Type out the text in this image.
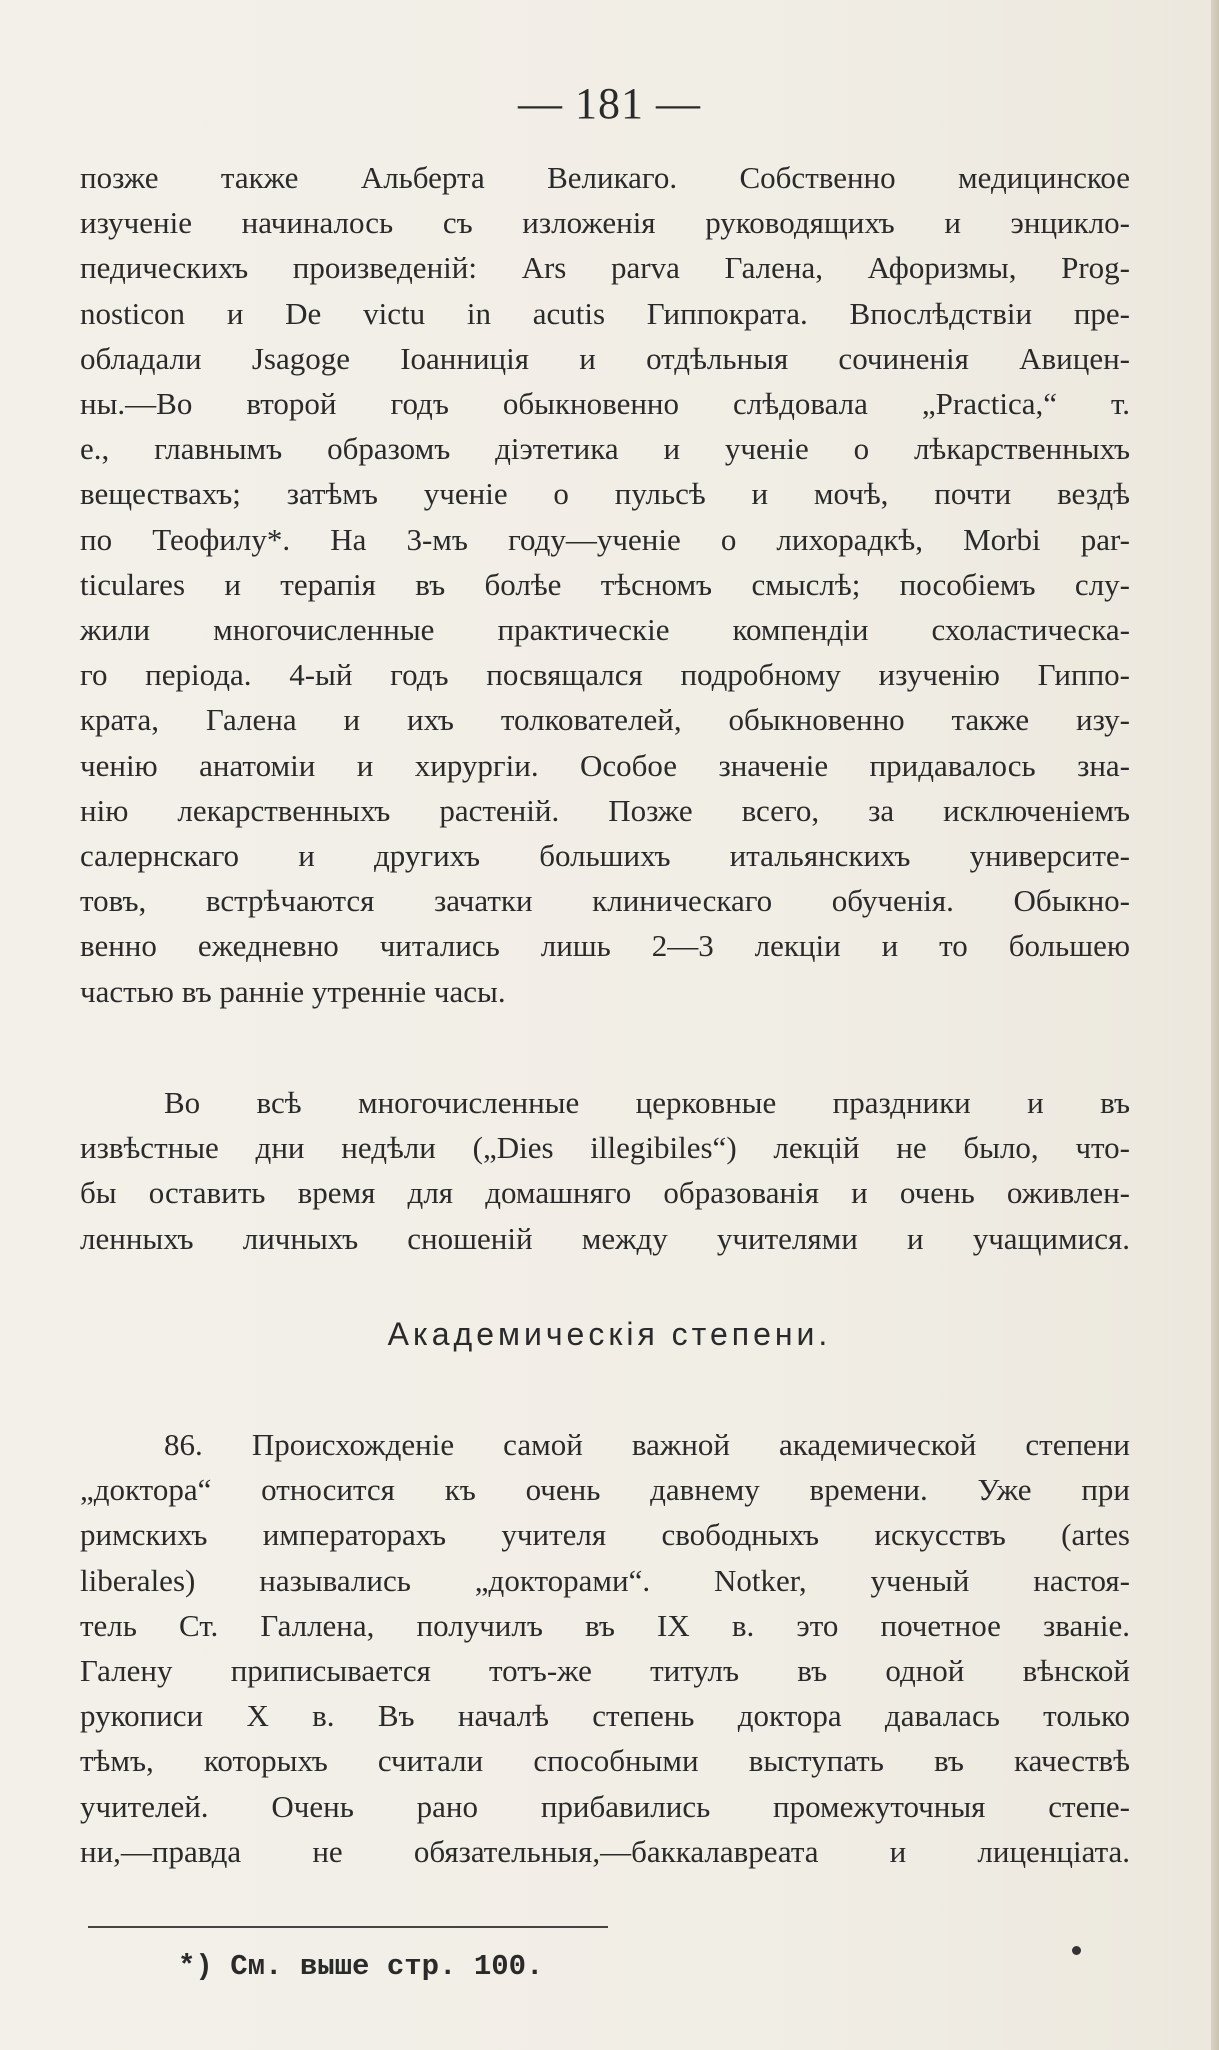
— 181 —
позже также Альберта Великаго. Собственно медицинское
изученіе начиналось съ изложенія руководящихъ и энцикло-
педическихъ произведеній: Ars parva Галена, Афоризмы, Prog-
nosticon и De victu in acutis Гиппократа. Впослѣдствіи пре-
обладали Jsagoge Іоанниція и отдѣльныя сочиненія Авицен-
ны.—Во второй годъ обыкновенно слѣдовала „Practica,“ т.
е., главнымъ образомъ діэтетика и ученіе о лѣкарственныхъ
веществахъ; затѣмъ ученіе о пульсѣ и мочѣ, почти вездѣ
по Теофилу*. На 3-мъ году—ученіе о лихорадкѣ, Morbi par-
ticulares и терапія въ болѣе тѣсномъ смыслѣ; пособіемъ слу-
жили многочисленные практическіе компендіи схоластическа-
го періода. 4-ый годъ посвящался подробному изученію Гиппо-
крата, Галена и ихъ толкователей, обыкновенно также изу-
ченію анатоміи и хирургіи. Особое значеніе придавалось зна-
нію лекарственныхъ растеній. Позже всего, за исключеніемъ
салернскаго и другихъ большихъ итальянскихъ университе-
товъ, встрѣчаются зачатки клиническаго обученія. Обыкно-
венно ежедневно читались лишь 2—3 лекціи и то большею
частью въ ранніе утренніе часы.
Во всѣ многочисленные церковные праздники и въ
извѣстные дни недѣли („Dies illegibiles“) лекцій не было, что-
бы оставить время для домашняго образованія и очень оживлен-
ленныхъ личныхъ сношеній между учителями и учащимися.
Академическія степени.
86. Происхожденіе самой важной академической степени
„доктора“ относится къ очень давнему времени. Уже при
римскихъ императорахъ учителя свободныхъ искусствъ (artes
liberales) назывались „докторами“. Notker, ученый настоя-
тель Ст. Галлена, получилъ въ IX в. это почетное званіе.
Галену приписывается тотъ-же титулъ въ одной вѣнской
рукописи X в. Въ началѣ степень доктора давалась только
тѣмъ, которыхъ считали способными выступать въ качествѣ
учителей. Очень рано прибавились промежуточныя степе-
ни,—правда не обязательныя,—баккалавреата и лиценціата.
*) См. выше стр. 100.
